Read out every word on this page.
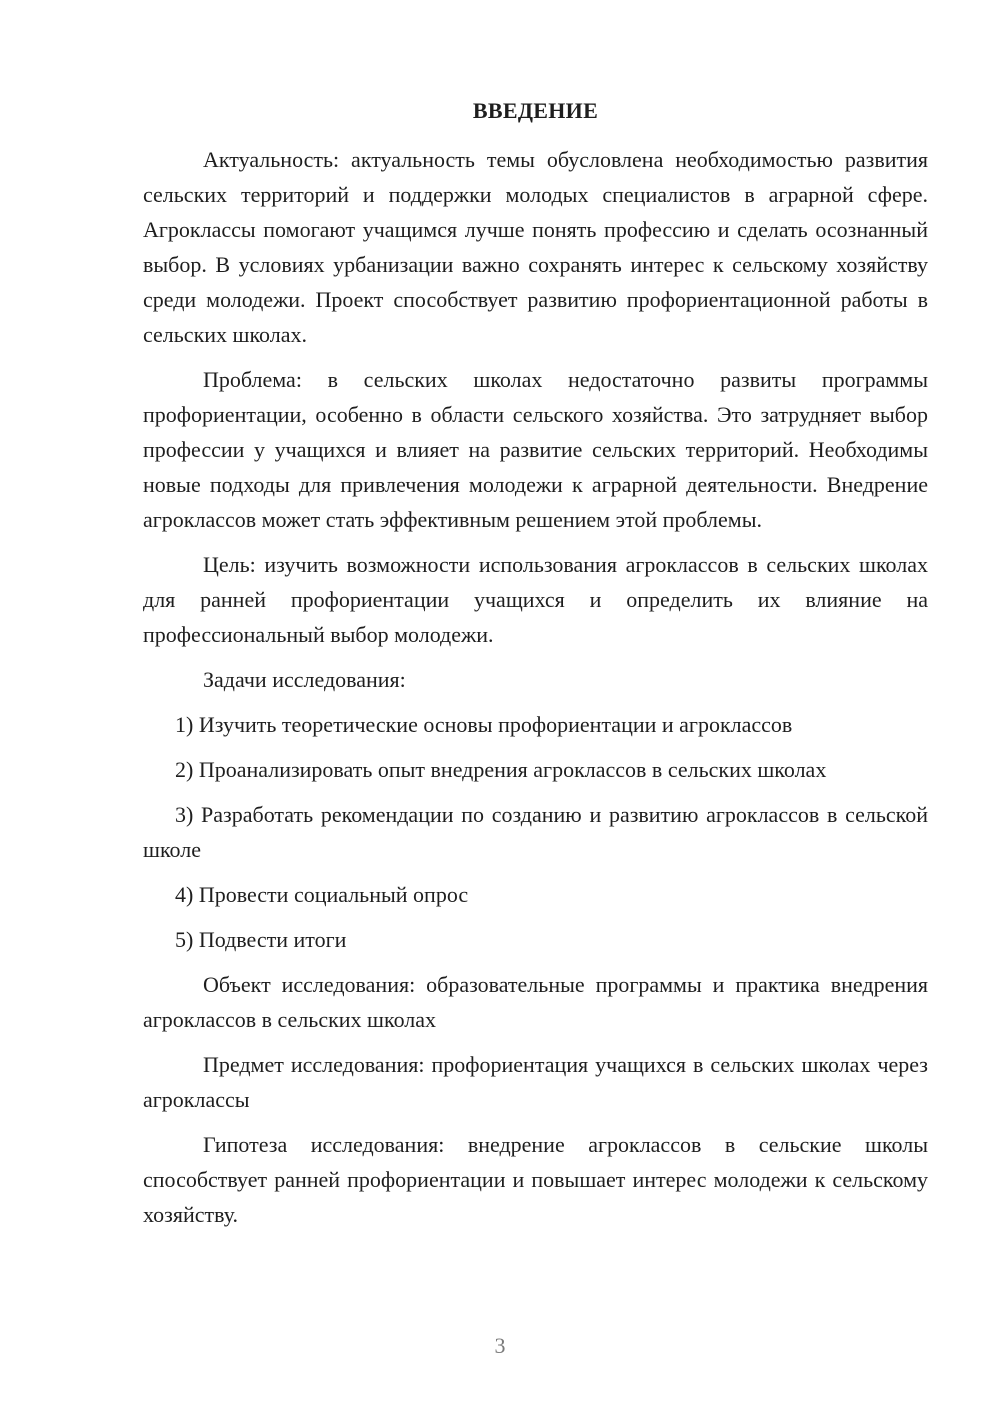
ВВЕДЕНИЕ

Актуальность: актуальность темы обусловлена необходимостью развития сельских территорий и поддержки молодых специалистов в аграрной сфере. Агроклассы помогают учащимся лучше понять профессию и сделать осознанный выбор. В условиях урбанизации важно сохранять интерес к сельскому хозяйству среди молодежи. Проект способствует развитию профориентационной работы в сельских школах.

Проблема: в сельских школах недостаточно развиты программы профориентации, особенно в области сельского хозяйства. Это затрудняет выбор профессии у учащихся и влияет на развитие сельских территорий. Необходимы новые подходы для привлечения молодежи к аграрной деятельности. Внедрение агроклассов может стать эффективным решением этой проблемы.

Цель: изучить возможности использования агроклассов в сельских школах для ранней профориентации учащихся и определить их влияние на профессиональный выбор молодежи.

Задачи исследования:

1) Изучить теоретические основы профориентации и агроклассов
2) Проанализировать опыт внедрения агроклассов в сельских школах
3) Разработать рекомендации по созданию и развитию агроклассов в сельской школе
4) Провести социальный опрос
5) Подвести итоги

Объект исследования: образовательные программы и практика внедрения агроклассов в сельских школах

Предмет исследования: профориентация учащихся в сельских школах через агроклассы

Гипотеза исследования: внедрение агроклассов в сельские школы способствует ранней профориентации и повышает интерес молодежи к сельскому хозяйству.

3
